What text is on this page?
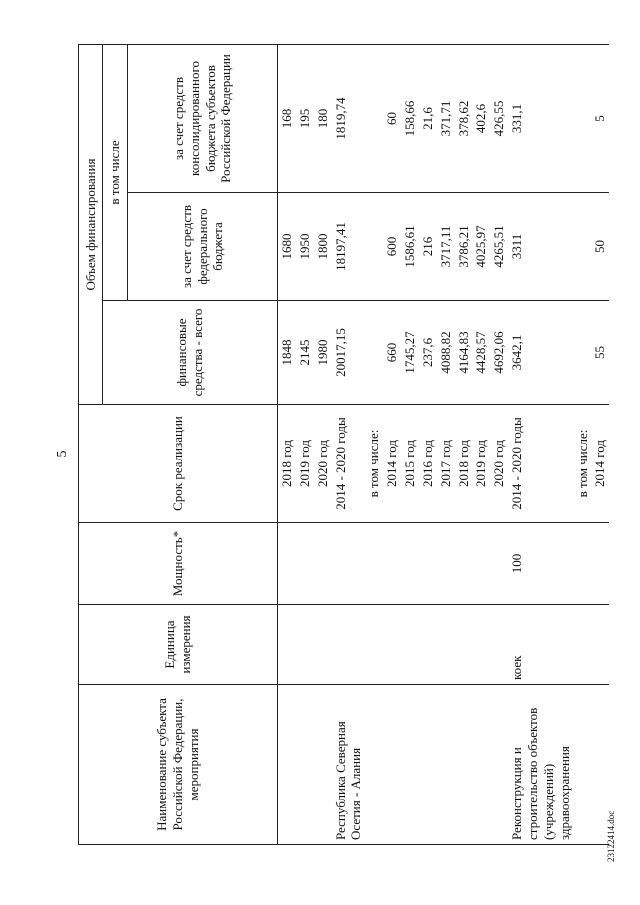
5
Наименование субъекта Российской Федерации, мероприятия	Единица измерения	Мощность*	Срок реализации	Объем финансирования		
				финансовые средства - всего	в том числе	
					за счет средств федерального бюджета	за счет средств консолидированного бюджета субъектов Российской Федерации
			2018 год	1848	1680	168
			2019 год	2145	1950	195
			2020 год	1980	1800	180
Республика Северная Осетия - Алания			2014 - 2020 годы	20017,15	18197,41	1819,74
			в том числе:			
			2014 год	660	600	60
			2015 год	1745,27	1586,61	158,66
			2016 год	237,6	216	21,6
			2017 год	4088,82	3717,11	371,71
			2018 год	4164,83	3786,21	378,62
			2019 год	4428,57	4025,97	402,6
			2020 год	4692,06	4265,51	426,55
Реконструкция и строительство объектов (учреждений) здравоохранения	коек	100	2014 - 2020 годы	3642,1	3311	331,1
			в том числе:			
			2014 год	55	50	5
23122414.doc
